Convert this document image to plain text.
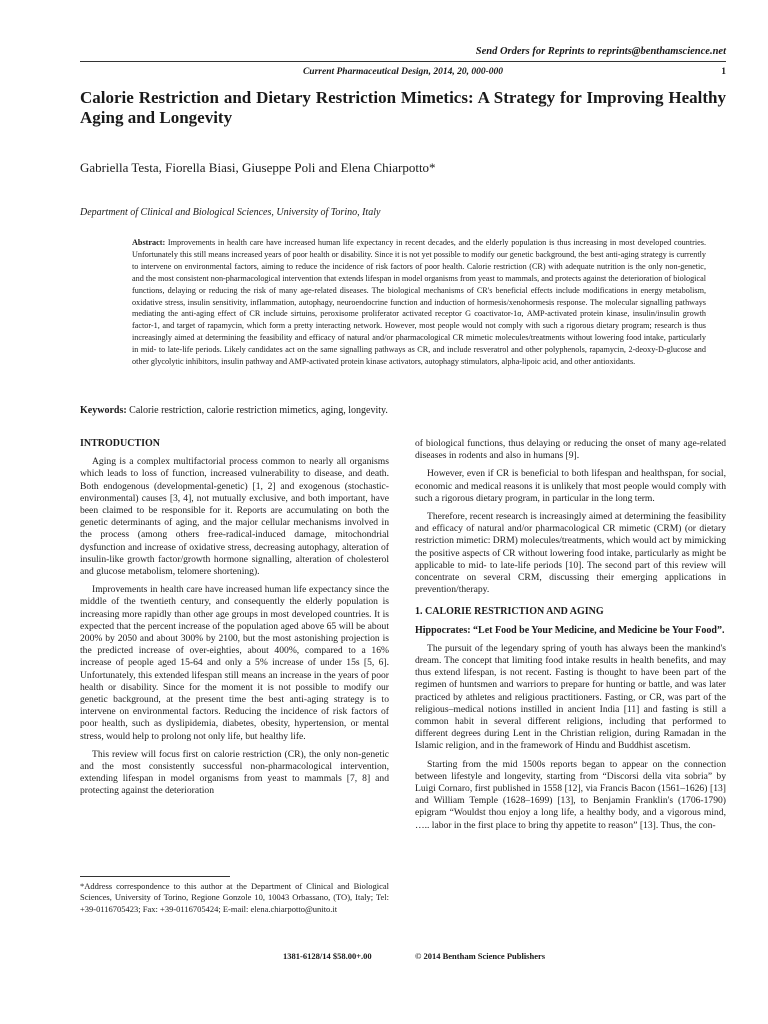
Send Orders for Reprints to reprints@benthamscience.net
Current Pharmaceutical Design, 2014, 20, 000-000	1
Calorie Restriction and Dietary Restriction Mimetics: A Strategy for Improving Healthy Aging and Longevity
Gabriella Testa, Fiorella Biasi, Giuseppe Poli and Elena Chiarpotto*
Department of Clinical and Biological Sciences, University of Torino, Italy

Abstract: Improvements in health care have increased human life expectancy in recent decades, and the elderly population is thus increasing in most developed countries. Unfortunately this still means increased years of poor health or disability. Since it is not yet possible to modify our genetic background, the best anti-aging strategy is currently to intervene on environmental factors, aiming to reduce the incidence of risk factors of poor health. Calorie restriction (CR) with adequate nutrition is the only non-genetic, and the most consistent non-pharmacological intervention that extends lifespan in model organisms from yeast to mammals, and protects against the deterioration of biological functions, delaying or reducing the risk of many age-related diseases. The biological mechanisms of CR's beneficial effects include modifications in energy metabolism, oxidative stress, insulin sensitivity, inflammation, autophagy, neuroendocrine function and induction of hormesis/xenohormesis response. The molecular signalling pathways mediating the anti-aging effect of CR include sirtuins, peroxisome proliferator activated receptor G coactivator-1α, AMP-activated protein kinase, insulin/insulin growth factor-1, and target of rapamycin, which form a pretty interacting network. However, most people would not comply with such a rigorous dietary program; research is thus increasingly aimed at determining the feasibility and efficacy of natural and/or pharmacological CR mimetic molecules/treatments without lowering food intake, particularly in mid- to late-life periods. Likely candidates act on the same signalling pathways as CR, and include resveratrol and other polyphenols, rapamycin, 2-deoxy-D-glucose and other glycolytic inhibitors, insulin pathway and AMP-activated protein kinase activators, autophagy stimulators, alpha-lipoic acid, and other antioxidants.

Keywords: Calorie restriction, calorie restriction mimetics, aging, longevity.
INTRODUCTION

Aging is a complex multifactorial process common to nearly all organisms which leads to loss of function, increased vulnerability to disease, and death. Both endogenous (developmental-genetic) [1, 2] and exogenous (stochastic-environmental) causes [3, 4], not mutually exclusive, and both important, have been claimed to be responsible for it. Reports are accumulating on both the genetic determinants of aging, and the major cellular mechanisms involved in the process (among others free-radical-induced damage, mitochondrial dysfunction and increase of oxidative stress, decreasing autophagy, alteration of insulin-like growth factor/growth hormone signalling, alteration of cholesterol and glucose metabolism, telomere shortening).

Improvements in health care have increased human life expectancy since the middle of the twentieth century, and consequently the elderly population is increasing more rapidly than other age groups in most developed countries. It is expected that the percent increase of the population aged above 65 will be about 200% by 2050 and about 300% by 2100, but the most astonishing projection is the predicted increase of over-eighties, about 400%, compared to a 16% increase of people aged 15-64 and only a 5% increase of under 15s [5, 6]. Unfortunately, this extended lifespan still means an increase in the years of poor health or disability. Since for the moment it is not possible to modify our genetic background, at the present time the best anti-aging strategy is to intervene on environmental factors. Reducing the incidence of risk factors of poor health, such as dyslipidemia, diabetes, obesity, hypertension, or mental stress, would help to prolong not only life, but healthy life.

This review will focus first on calorie restriction (CR), the only non-genetic and the most consistently successful non-pharmacological intervention, extending lifespan in model organisms from yeast to mammals [7, 8] and protecting against the deterioration

of biological functions, thus delaying or reducing the onset of many age-related diseases in rodents and also in humans [9].

However, even if CR is beneficial to both lifespan and healthspan, for social, economic and medical reasons it is unlikely that most people would comply with such a rigorous dietary program, in particular in the long term.

Therefore, recent research is increasingly aimed at determining the feasibility and efficacy of natural and/or pharmacological CR mimetic (CRM) (or dietary restriction mimetic: DRM) molecules/treatments, which would act by mimicking the positive aspects of CR without lowering food intake, particularly as might be applicable to mid- to late-life periods [10]. The second part of this review will concentrate on several CRM, discussing their emerging applications in prevention/therapy.

1. CALORIE RESTRICTION AND AGING
Hippocrates: “Let Food be Your Medicine, and Medicine be Your Food”.

The pursuit of the legendary spring of youth has always been the mankind's dream. The concept that limiting food intake results in health benefits, and may thus extend lifespan, is not recent. Fasting is thought to have been part of the regimen of huntsmen and warriors to prepare for hunting or battle, and was later practiced by athletes and religious practitioners. Fasting, or CR, was part of the religious–medical notions instilled in ancient India [11] and fasting is still a common habit in several different religions, including that performed to different degrees during Lent in the Christian religion, during Ramadan in the Islamic religion, and in the framework of Hindu and Buddhist ascetism.

Starting from the mid 1500s reports began to appear on the connection between lifestyle and longevity, starting from “Discorsi della vita sobria” by Luigi Cornaro, first published in 1558 [12], via Francis Bacon (1561–1626) [13] and William Temple (1628–1699) [13], to Benjamin Franklin's (1706-1790) epigram “Wouldst thou enjoy a long life, a healthy body, and a vigorous mind, ….. labor in the first place to bring thy appetite to reason” [13]. Thus, the con-

*Address correspondence to this author at the Department of Clinical and Biological Sciences, University of Torino, Regione Gonzole 10, 10043 Orbassano, (TO), Italy; Tel: +39-0116705423; Fax: +39-0116705424; E-mail: elena.chiarpotto@unito.it

1381-6128/14 $58.00+.00	© 2014 Bentham Science Publishers
